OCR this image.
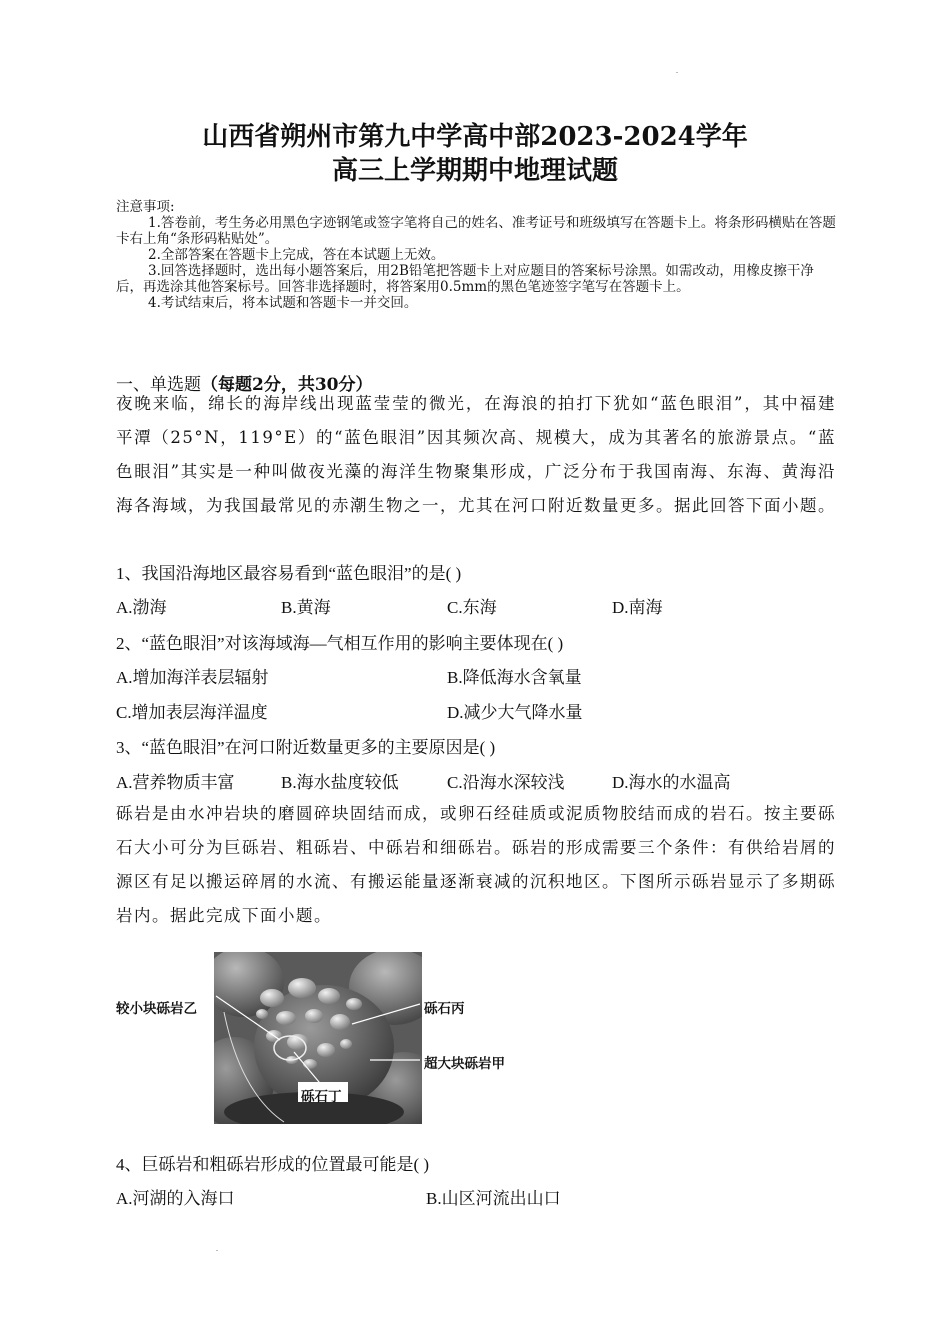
山西省朔州市第九中学高中部2023-2024学年
高三上学期期中地理试题

注意事项:

1.答卷前，考生务必用黑色字迹钢笔或签字笔将自己的姓名、准考证号和班级填写在答题卡上。将条形码横贴在答题卡右上角“条形码粘贴处”。

2.全部答案在答题卡上完成，答在本试题上无效。

3.回答选择题时，选出每小题答案后，用2B铅笔把答题卡上对应题目的答案标号涂黑。如需改动，用橡皮擦干净后，再选涂其他答案标号。回答非选择题时，将答案用0.5mm的黑色笔迹签字笔写在答题卡上。

4.考试结束后，将本试题和答题卡一并交回。

一、单选题（每题2分，共30分）
夜晚来临，绵长的海岸线出现蓝莹莹的微光，在海浪的拍打下犹如“蓝色眼泪”，其中福建平潭（25°N，119°E）的“蓝色眼泪”因其频次高、规模大，成为其著名的旅游景点。“蓝色眼泪”其实是一种叫做夜光藻的海洋生物聚集形成，广泛分布于我国南海、东海、黄海沿海各海域，为我国最常见的赤潮生物之一，尤其在河口附近数量更多。据此回答下面小题。
1、我国沿海地区最容易看到“蓝色眼泪”的是( )
A.渤海	B.黄海	C.东海	D.南海
2、“蓝色眼泪”对该海域海—气相互作用的影响主要体现在( )
A.增加海洋表层辐射	B.降低海水含氧量
C.增加表层海洋温度	D.减少大气降水量
3、“蓝色眼泪”在河口附近数量更多的主要原因是( )
A.营养物质丰富	B.海水盐度较低	C.沿海水深较浅	D.海水的水温高
砾岩是由水冲岩块的磨圆碎块固结而成，或卵石经硅质或泥质物胶结而成的岩石。按主要砾石大小可分为巨砾岩、粗砾岩、中砾岩和细砾岩。砾岩的形成需要三个条件：有供给岩屑的源区有足以搬运碎屑的水流、有搬运能量逐渐衰减的沉积地区。下图所示砾岩显示了多期砾岩内。据此完成下面小题。
较小块砾岩乙	砾石丙
超大块砾岩甲
砾石丁
4、巨砾岩和粗砾岩形成的位置最可能是( )
A.河湖的入海口	B.山区河流出山口
